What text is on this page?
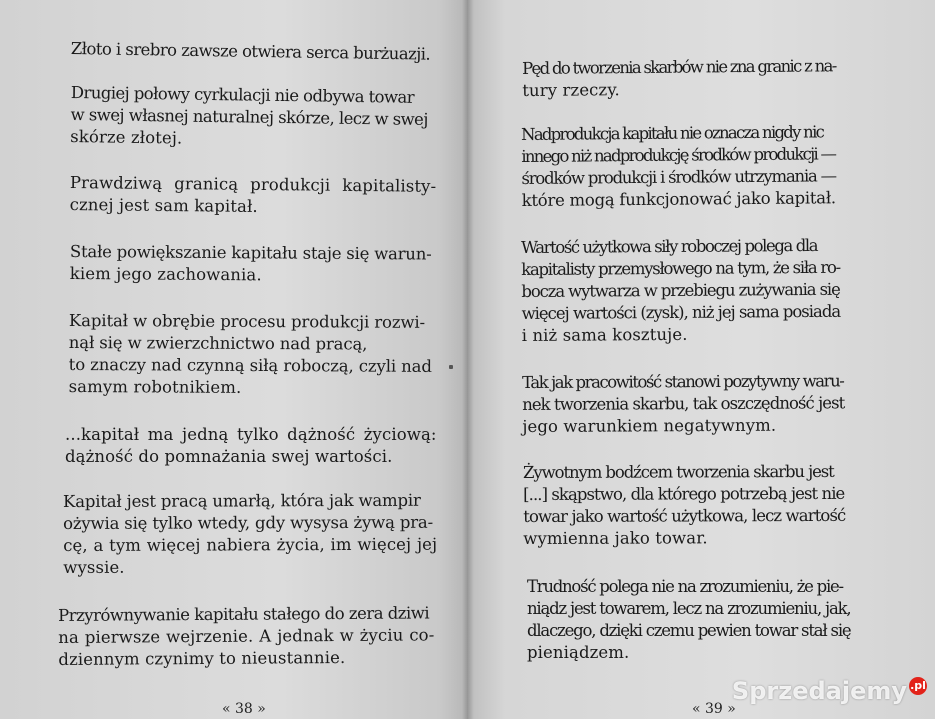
Złoto i srebro zawsze otwiera serca burżuazji.

Drugiej połowy cyrkulacji nie odbywa towar
w swej własnej naturalnej skórze, lecz w swej
skórze złotej.

Prawdziwą granicą produkcji kapitalisty-
cznej jest sam kapitał.

Stałe powiększanie kapitału staje się warun-
kiem jego zachowania.

Kapitał w obrębie procesu produkcji rozwi-
nął się w zwierzchnictwo nad pracą,
to znaczy nad czynną siłą roboczą, czyli nad
samym robotnikiem.

...kapitał ma jedną tylko dążność życiową:
dążność do pomnażania swej wartości.

Kapitał jest pracą umarłą, która jak wampir
ożywia się tylko wtedy, gdy wysysa żywą pra-
cę, a tym więcej nabiera życia, im więcej jej
wyssie.

Przyrównywanie kapitału stałego do zera dziwi
na pierwsze wejrzenie. A jednak w życiu co-
dziennym czynimy to nieustannie.

« 38 »

Pęd do tworzenia skarbów nie zna granic z na-
tury rzeczy.

Nadprodukcja kapitału nie oznacza nigdy nic
innego niż nadprodukcję środków produkcji —
środków produkcji i środków utrzymania —
które mogą funkcjonować jako kapitał.

Wartość użytkowa siły roboczej polega dla
kapitalisty przemysłowego na tym, że siła ro-
bocza wytwarza w przebiegu zużywania się
więcej wartości (zysk), niż jej sama posiada
i niż sama kosztuje.

Tak jak pracowitość stanowi pozytywny waru-
nek tworzenia skarbu, tak oszczędność jest
jego warunkiem negatywnym.

Żywotnym bodźcem tworzenia skarbu jest
[...] skąpstwo, dla którego potrzebą jest nie
towar jako wartość użytkowa, lecz wartość
wymienna jako towar.

Trudność polega nie na zrozumieniu, że pie-
niądz jest towarem, lecz na zrozumieniu, jak,
dlaczego, dzięki czemu pewien towar stał się
pieniądzem.

« 39 »
Sprzedajemy .pl
